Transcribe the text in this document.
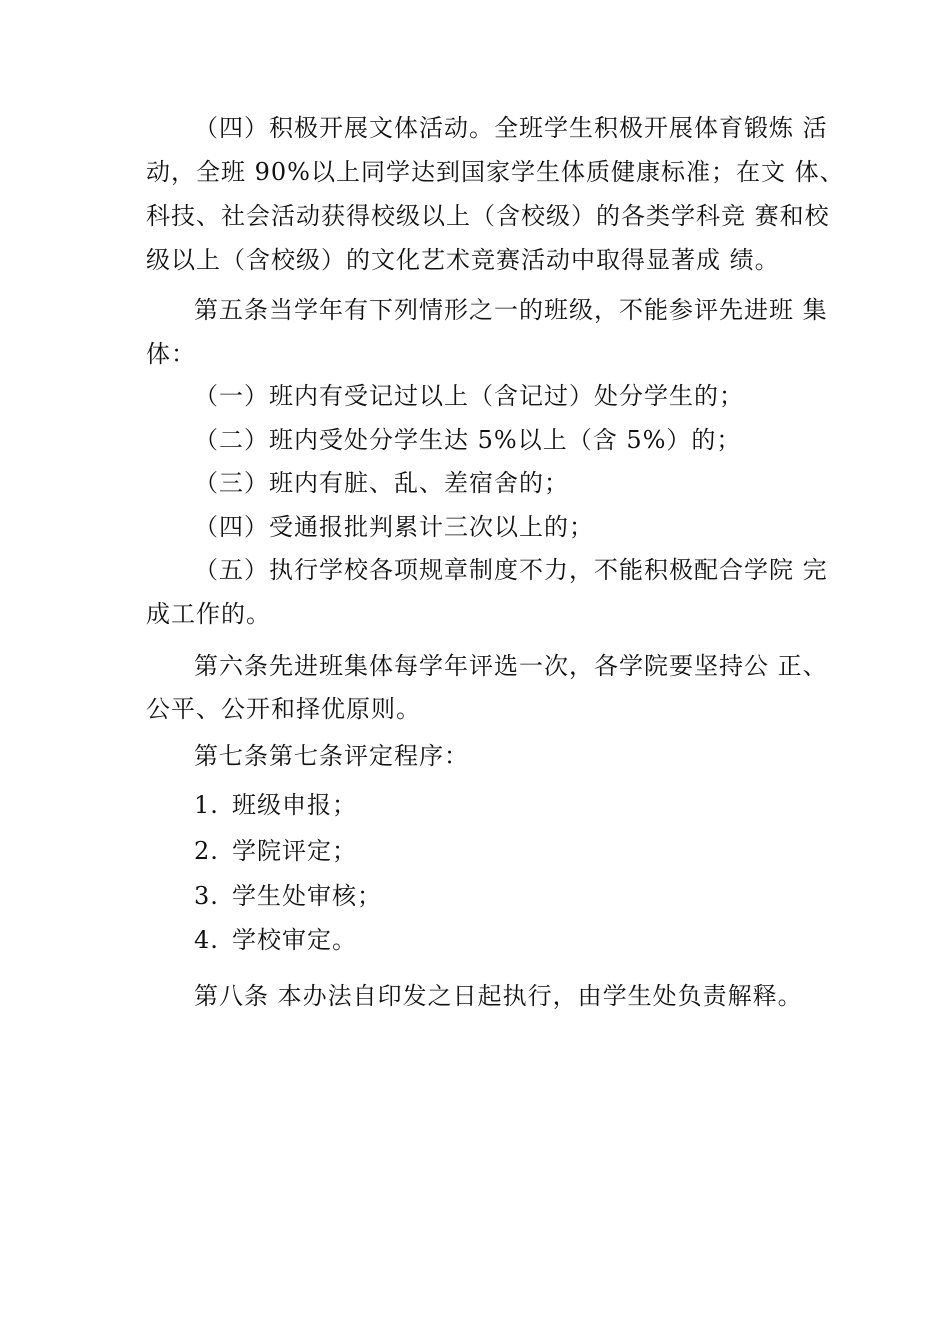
（四）积极开展文体活动。全班学生积极开展体育锻炼 活
动，全班 90%以上同学达到国家学生体质健康标准；在文 体、
科技、社会活动获得校级以上（含校级）的各类学科竞 赛和校
级以上（含校级）的文化艺术竞赛活动中取得显著成 绩。
第五条当学年有下列情形之一的班级，不能参评先进班 集
体：
（一）班内有受记过以上（含记过）处分学生的；
（二）班内受处分学生达 5%以上（含 5%）的；
（三）班内有脏、乱、差宿舍的；
（四）受通报批判累计三次以上的；
（五）执行学校各项规章制度不力，不能积极配合学院 完
成工作的。
第六条先进班集体每学年评选一次，各学院要坚持公 正、
公平、公开和择优原则。
第七条第七条评定程序：
1. 班级申报；
2. 学院评定；
3. 学生处审核；
4. 学校审定。
第八条 本办法自印发之日起执行，由学生处负责解释。
